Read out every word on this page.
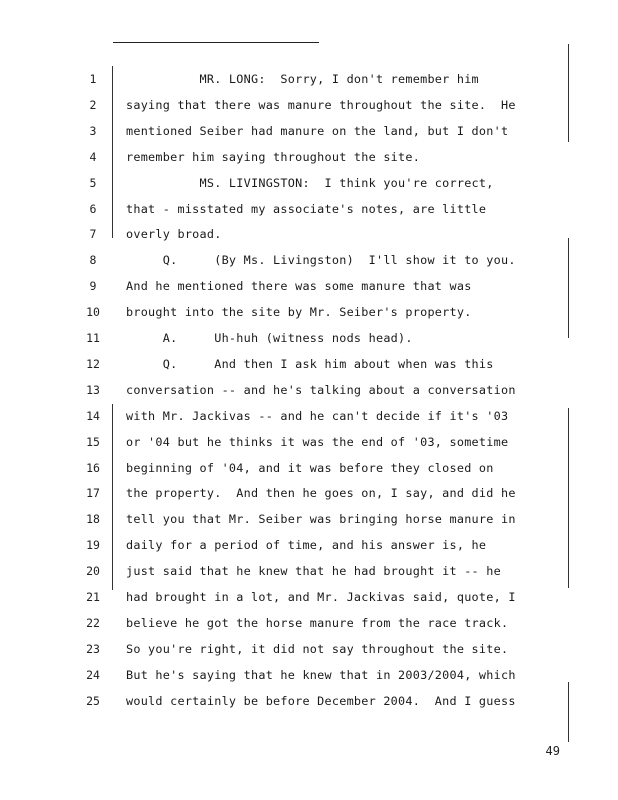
1	MR. LONG:  Sorry, I don't remember him
2	saying that there was manure throughout the site.  He
3	mentioned Seiber had manure on the land, but I don't
4	remember him saying throughout the site.
5	MS. LIVINGSTON:  I think you're correct,
6	that - misstated my associate's notes, are little
7	overly broad.
8	Q.     (By Ms. Livingston)  I'll show it to you.
9	And he mentioned there was some manure that was
10	brought into the site by Mr. Seiber's property.
11	A.     Uh-huh (witness nods head).
12	Q.     And then I ask him about when was this
13	conversation -- and he's talking about a conversation
14	with Mr. Jackivas -- and he can't decide if it's '03
15	or '04 but he thinks it was the end of '03, sometime
16	beginning of '04, and it was before they closed on
17	the property.  And then he goes on, I say, and did he
18	tell you that Mr. Seiber was bringing horse manure in
19	daily for a period of time, and his answer is, he
20	just said that he knew that he had brought it -- he
21	had brought in a lot, and Mr. Jackivas said, quote, I
22	believe he got the horse manure from the race track.
23	So you're right, it did not say throughout the site.
24	But he's saying that he knew that in 2003/2004, which
25	would certainly be before December 2004.  And I guess
49
